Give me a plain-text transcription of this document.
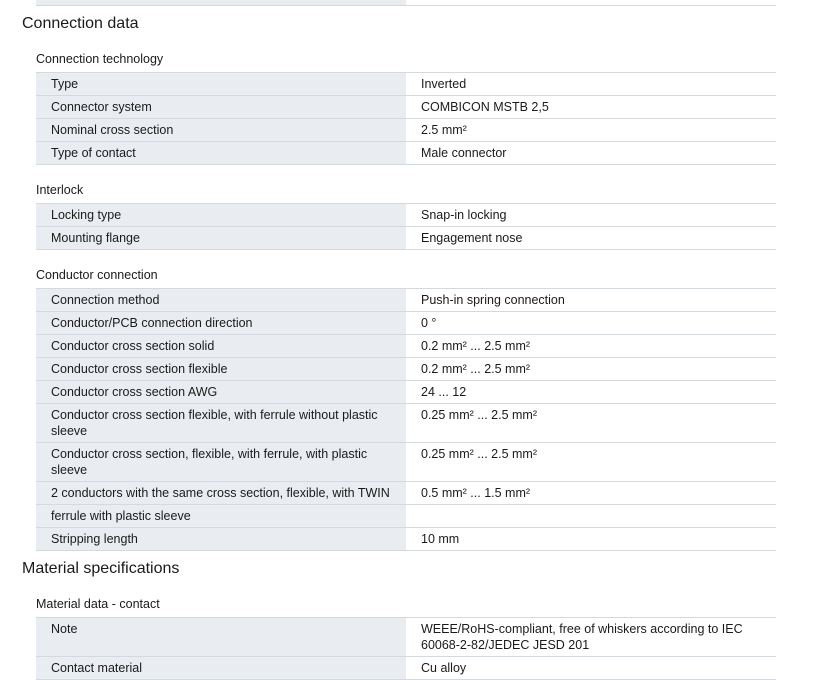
Connection data
Connection technology
Type	Inverted
Connector system	COMBICON MSTB 2,5
Nominal cross section	2.5 mm²
Type of contact	Male connector
Interlock
Locking type	Snap-in locking
Mounting flange	Engagement nose
Conductor connection
Connection method	Push-in spring connection
Conductor/PCB connection direction	0 °
Conductor cross section solid	0.2 mm² ... 2.5 mm²
Conductor cross section flexible	0.2 mm² ... 2.5 mm²
Conductor cross section AWG	24 ... 12
Conductor cross section flexible, with ferrule without plastic sleeve	0.25 mm² ... 2.5 mm²
Conductor cross section, flexible, with ferrule, with plastic sleeve	0.25 mm² ... 2.5 mm²
2 conductors with the same cross section, flexible, with TWIN	0.5 mm² ... 1.5 mm²
ferrule with plastic sleeve	
Stripping length	10 mm
Material specifications
Material data - contact
Note	WEEE/RoHS-compliant, free of whiskers according to IEC 60068-2-82/JEDEC JESD 201
Contact material	Cu alloy
